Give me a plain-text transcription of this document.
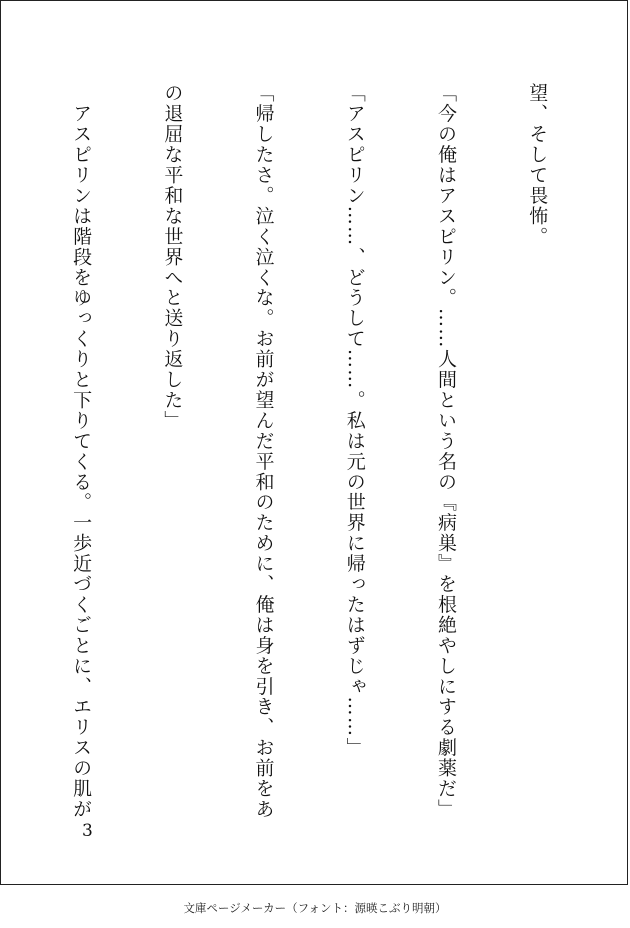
望、そして畏怖。

「今の俺はアスピリン。……人間という名の『病巣』を根絶やしにする劇薬だ」

「アスピリン……、どうして……。私は元の世界に帰ったはずじゃ……」

「帰したさ。泣く泣くな。お前が望んだ平和のために、俺は身を引き、お前をあ

の退屈な平和な世界へと送り返した」

　アスピリンは階段をゆっくりと下りてくる。一歩近づくごとに、エリスの肌が

3
文庫ページメーカー（フォント：源暎こぶり明朝）
